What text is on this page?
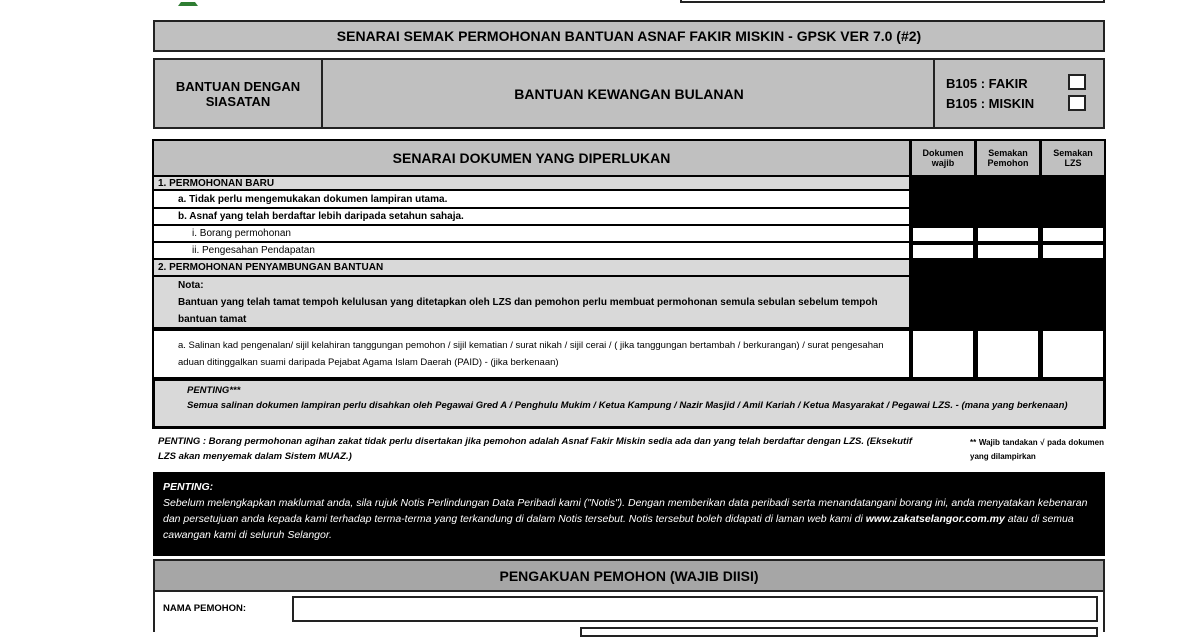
SENARAI SEMAK PERMOHONAN BANTUAN ASNAF FAKIR MISKIN - GPSK VER 7.0 (#2)
BANTUAN DENGAN SIASATAN	BANTUAN KEWANGAN BULANAN
B105 : FAKIR
B105 : MISKIN
SENARAI DOKUMEN YANG DIPERLUKAN	Dokumen wajib
Semakan Pemohon
Semakan LZS
1. PERMOHONAN BARU
a. Tidak perlu mengemukakan dokumen lampiran utama.
b. Asnaf yang telah berdaftar lebih daripada setahun sahaja.
i. Borang permohonan
ii. Pengesahan Pendapatan
2. PERMOHONAN PENYAMBUNGAN BANTUAN
Nota:
Bantuan yang telah tamat tempoh kelulusan yang ditetapkan oleh LZS dan pemohon perlu membuat permohonan semula sebulan sebelum tempoh bantuan tamat
a. Salinan kad pengenalan/ sijil kelahiran tanggungan pemohon / sijil kematian / surat nikah / sijil cerai / ( jika tanggungan bertambah / berkurangan) / surat pengesahan aduan ditinggalkan suami daripada Pejabat Agama Islam Daerah (PAID) - (jika berkenaan)
PENTING***
Semua salinan dokumen lampiran perlu disahkan oleh Pegawai Gred A / Penghulu Mukim / Ketua Kampung / Nazir Masjid / Amil Kariah / Ketua Masyarakat / Pegawai LZS. - (mana yang berkenaan)
PENTING : Borang permohonan agihan zakat tidak perlu disertakan jika pemohon adalah Asnaf Fakir Miskin sedia ada dan yang telah berdaftar dengan LZS. (Eksekutif LZS akan menyemak dalam Sistem MUAZ.)
** Wajib tandakan √ pada dokumen yang dilampirkan
PENTING:
Sebelum melengkapkan maklumat anda, sila rujuk Notis Perlindungan Data Peribadi kami ("Notis"). Dengan memberikan data peribadi serta menandatangani borang ini, anda menyatakan kebenaran dan persetujuan anda kepada kami terhadap terma-terma yang terkandung di dalam Notis tersebut. Notis tersebut boleh didapati di laman web kami di www.zakatselangor.com.my atau di semua cawangan kami di seluruh Selangor.
PENGAKUAN PEMOHON (WAJIB DIISI)
NAMA PEMOHON:
